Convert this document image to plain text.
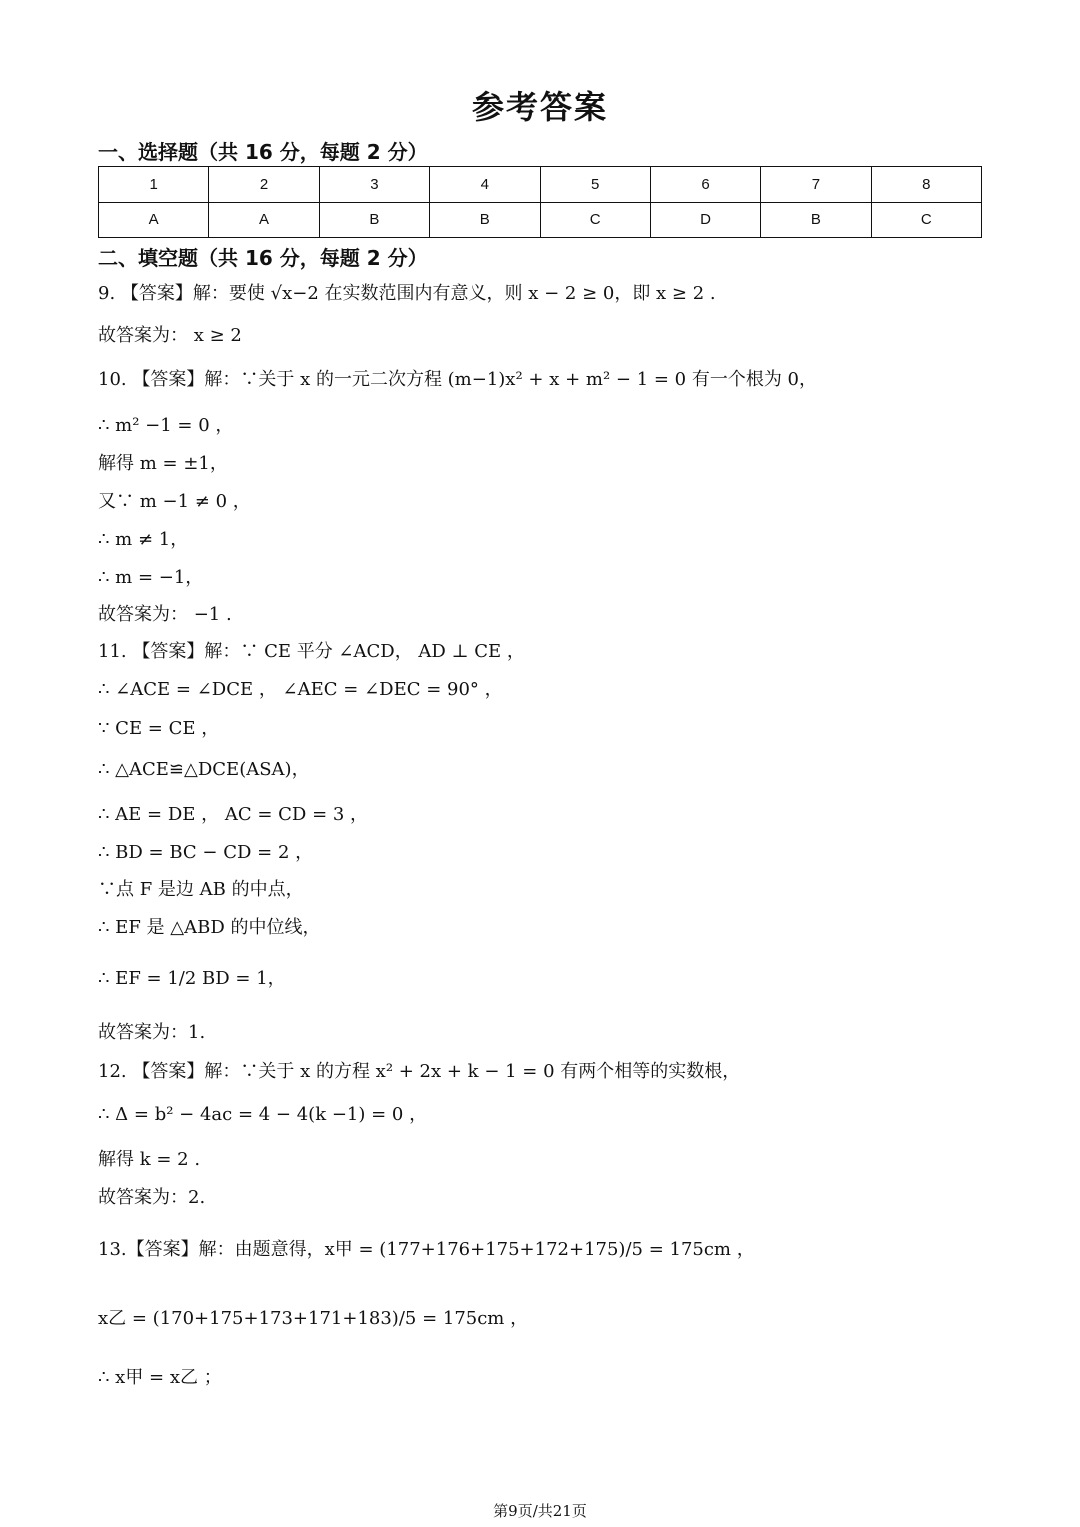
参考答案
一、选择题（共 16 分，每题 2 分）
1	2	3	4	5	6	7	8
A	A	B	B	C	D	B	C
二、填空题（共 16 分，每题 2 分）
9. 【答案】解：要使 √x−2 在实数范围内有意义，则 x − 2 ≥ 0，即 x ≥ 2 .
故答案为： x ≥ 2
10. 【答案】解：∵关于 x 的一元二次方程 (m−1)x² + x + m² − 1 = 0 有一个根为 0，
∴ m² −1 = 0 ，
解得 m = ±1，
又∵ m −1 ≠ 0 ，
∴ m ≠ 1，
∴ m = −1，
故答案为： −1 .
11. 【答案】解：∵ CE 平分 ∠ACD， AD ⊥ CE ，
∴ ∠ACE = ∠DCE ， ∠AEC = ∠DEC = 90° ，
∵ CE = CE ，
∴ △ACE≌△DCE(ASA)，
∴ AE = DE ， AC = CD = 3 ，
∴ BD = BC − CD = 2 ，
∵点 F 是边 AB 的中点，
∴ EF 是 △ABD 的中位线，
∴ EF = 1/2 BD = 1，
故答案为：1.
12. 【答案】解：∵关于 x 的方程 x² + 2x + k − 1 = 0 有两个相等的实数根，
∴ Δ = b² − 4ac = 4 − 4(k −1) = 0 ，
解得 k = 2 .
故答案为：2.
13.【答案】解：由题意得，x甲 = (177+176+175+172+175)/5 = 175cm ，
x乙 = (170+175+173+171+183)/5 = 175cm ，
∴ x甲 = x乙 ；
第9页/共21页
